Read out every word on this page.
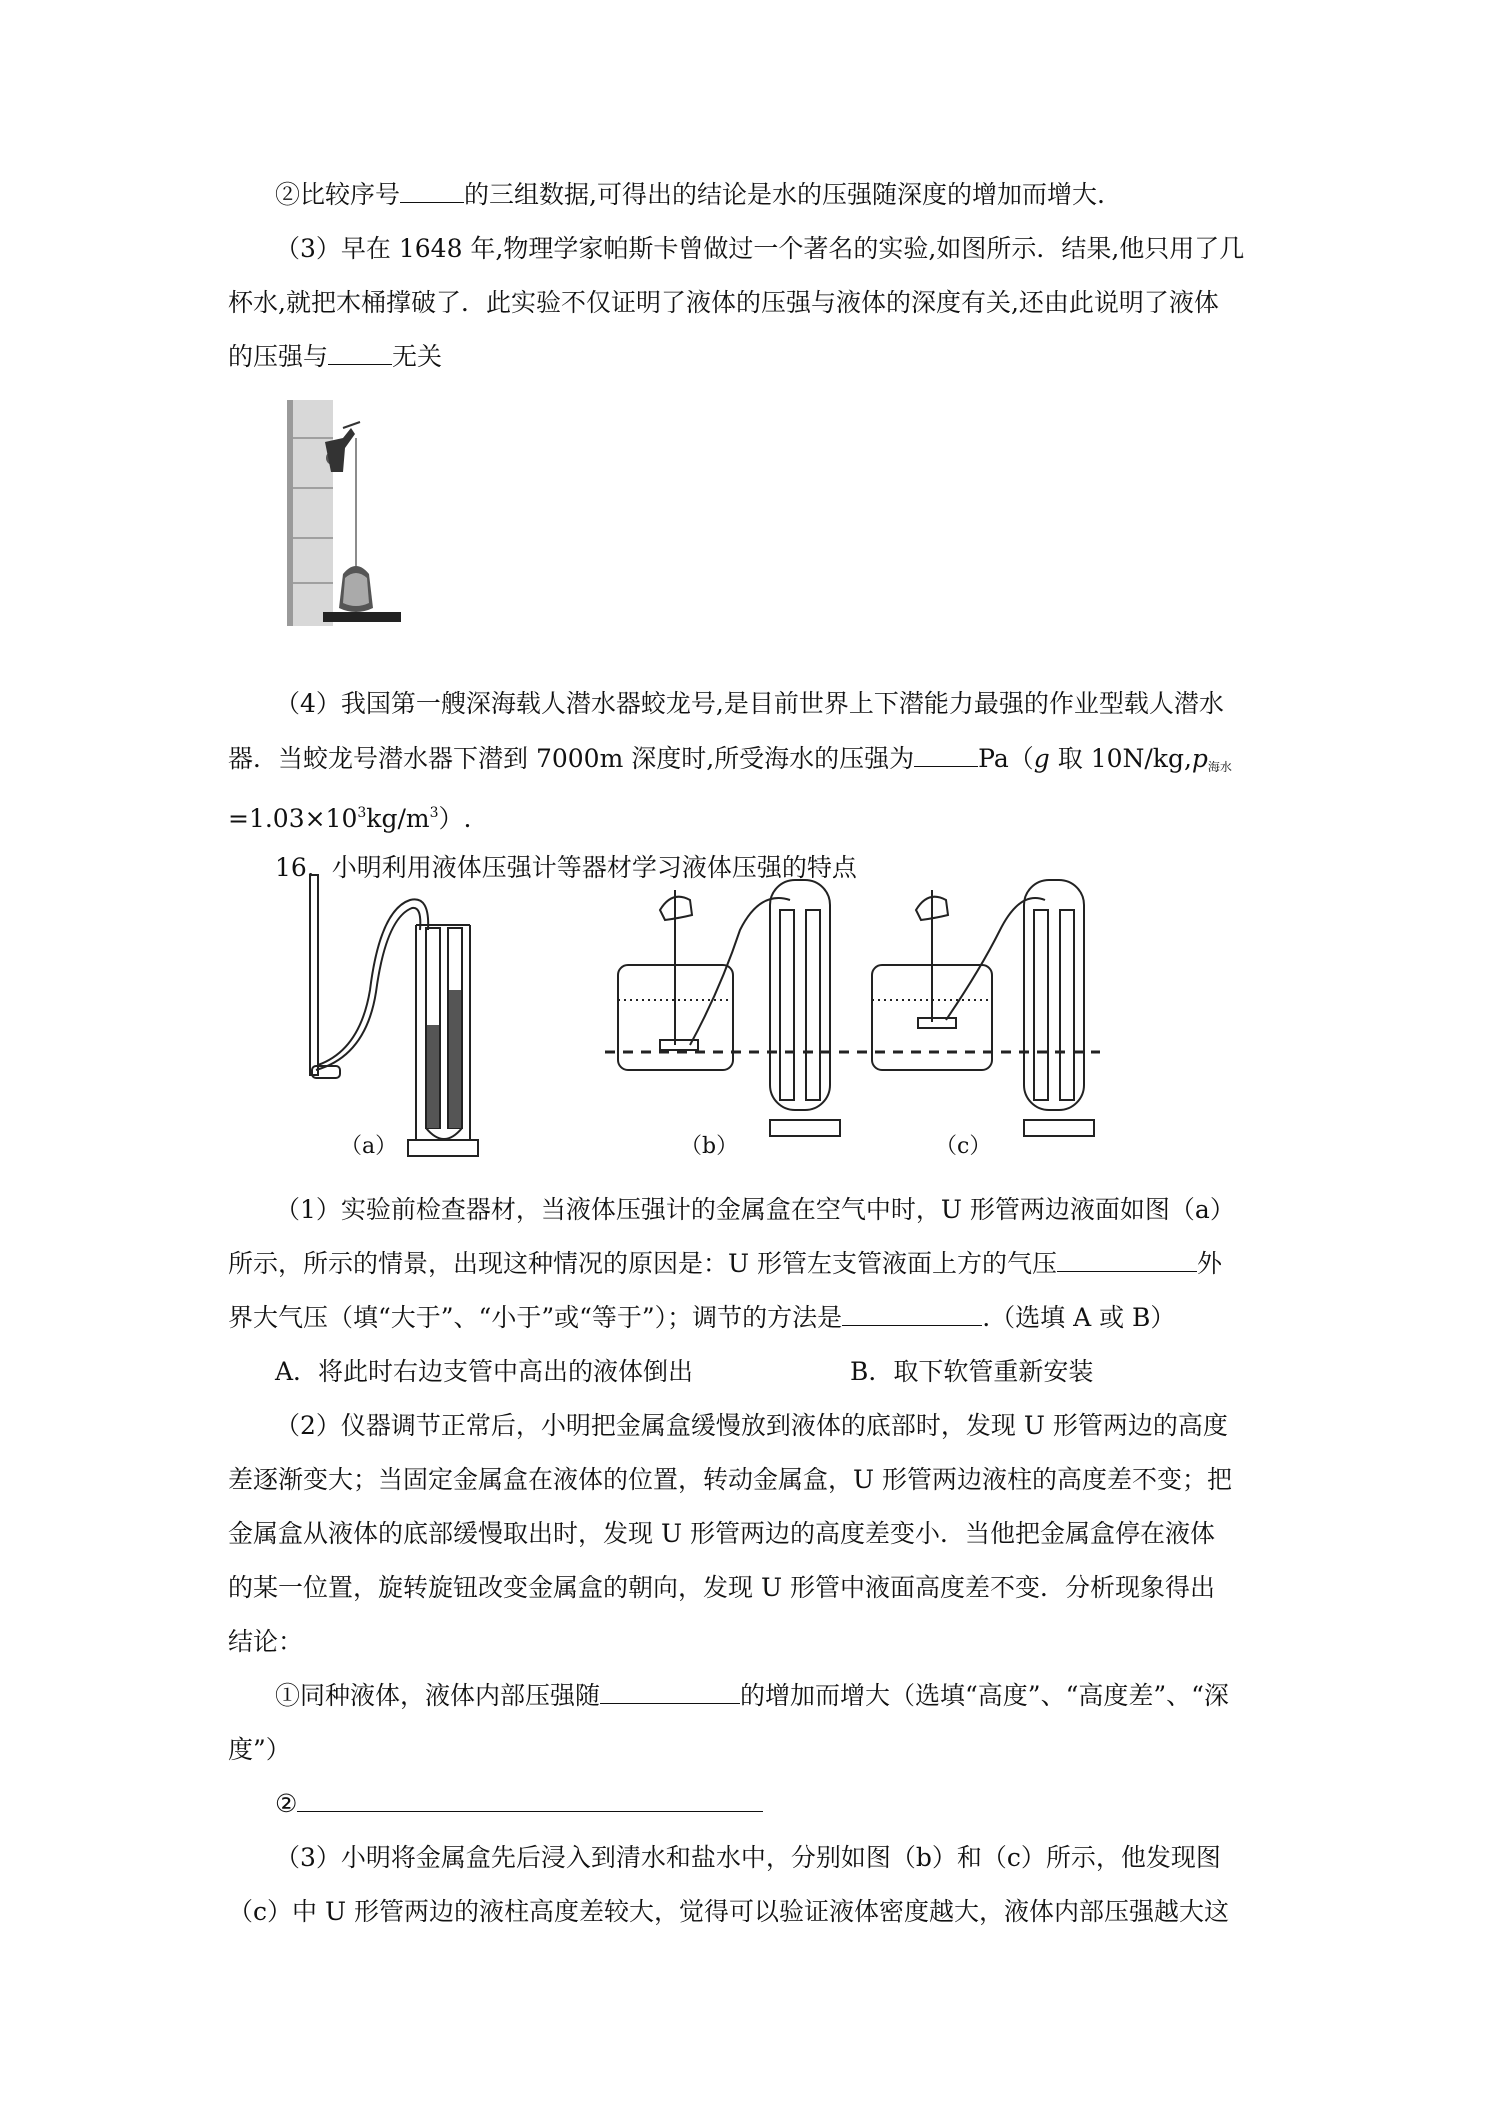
②比较序号	的三组数据,可得出的结论是水的压强随深度的增加而增大.
（3）早在 1648 年,物理学家帕斯卡曾做过一个著名的实验,如图所示．结果,他只用了几
杯水,就把木桶撑破了．此实验不仅证明了液体的压强与液体的深度有关,还由此说明了液体
的压强与	无关
（4）我国第一艘深海载人潜水器蛟龙号,是目前世界上下潜能力最强的作业型载人潜水
器．当蛟龙号潜水器下潜到 7000m 深度时,所受海水的压强为	Pa（g 取 $10N/kg,p_{海水}$
$=1.03\times 10^3kg/m^3$）.
16．小明利用液体压强计等器材学习液体压强的特点
（a）	（b）	（c）
（1）实验前检查器材，当液体压强计的金属盒在空气中时，U 形管两边液面如图（a）
所示，所示的情景，出现这种情况的原因是：U 形管左支管液面上方的气压	外
界大气压（填“大于”、“小于”或“等于”）；调节的方法是	.（选填 A 或 B）
A．将此时右边支管中高出的液体倒出	B．取下软管重新安装
（2）仪器调节正常后，小明把金属盒缓慢放到液体的底部时，发现 U 形管两边的高度
差逐渐变大；当固定金属盒在液体的位置，转动金属盒，U 形管两边液柱的高度差不变；把
金属盒从液体的底部缓慢取出时，发现 U 形管两边的高度差变小．当他把金属盒停在液体
的某一位置，旋转旋钮改变金属盒的朝向，发现 U 形管中液面高度差不变．分析现象得出
结论：
①同种液体，液体内部压强随	的增加而增大（选填“高度”、“高度差”、“深
度”）
②
（3）小明将金属盒先后浸入到清水和盐水中，分别如图（b）和（c）所示，他发现图
（c）中 U 形管两边的液柱高度差较大，觉得可以验证液体密度越大，液体内部压强越大这
